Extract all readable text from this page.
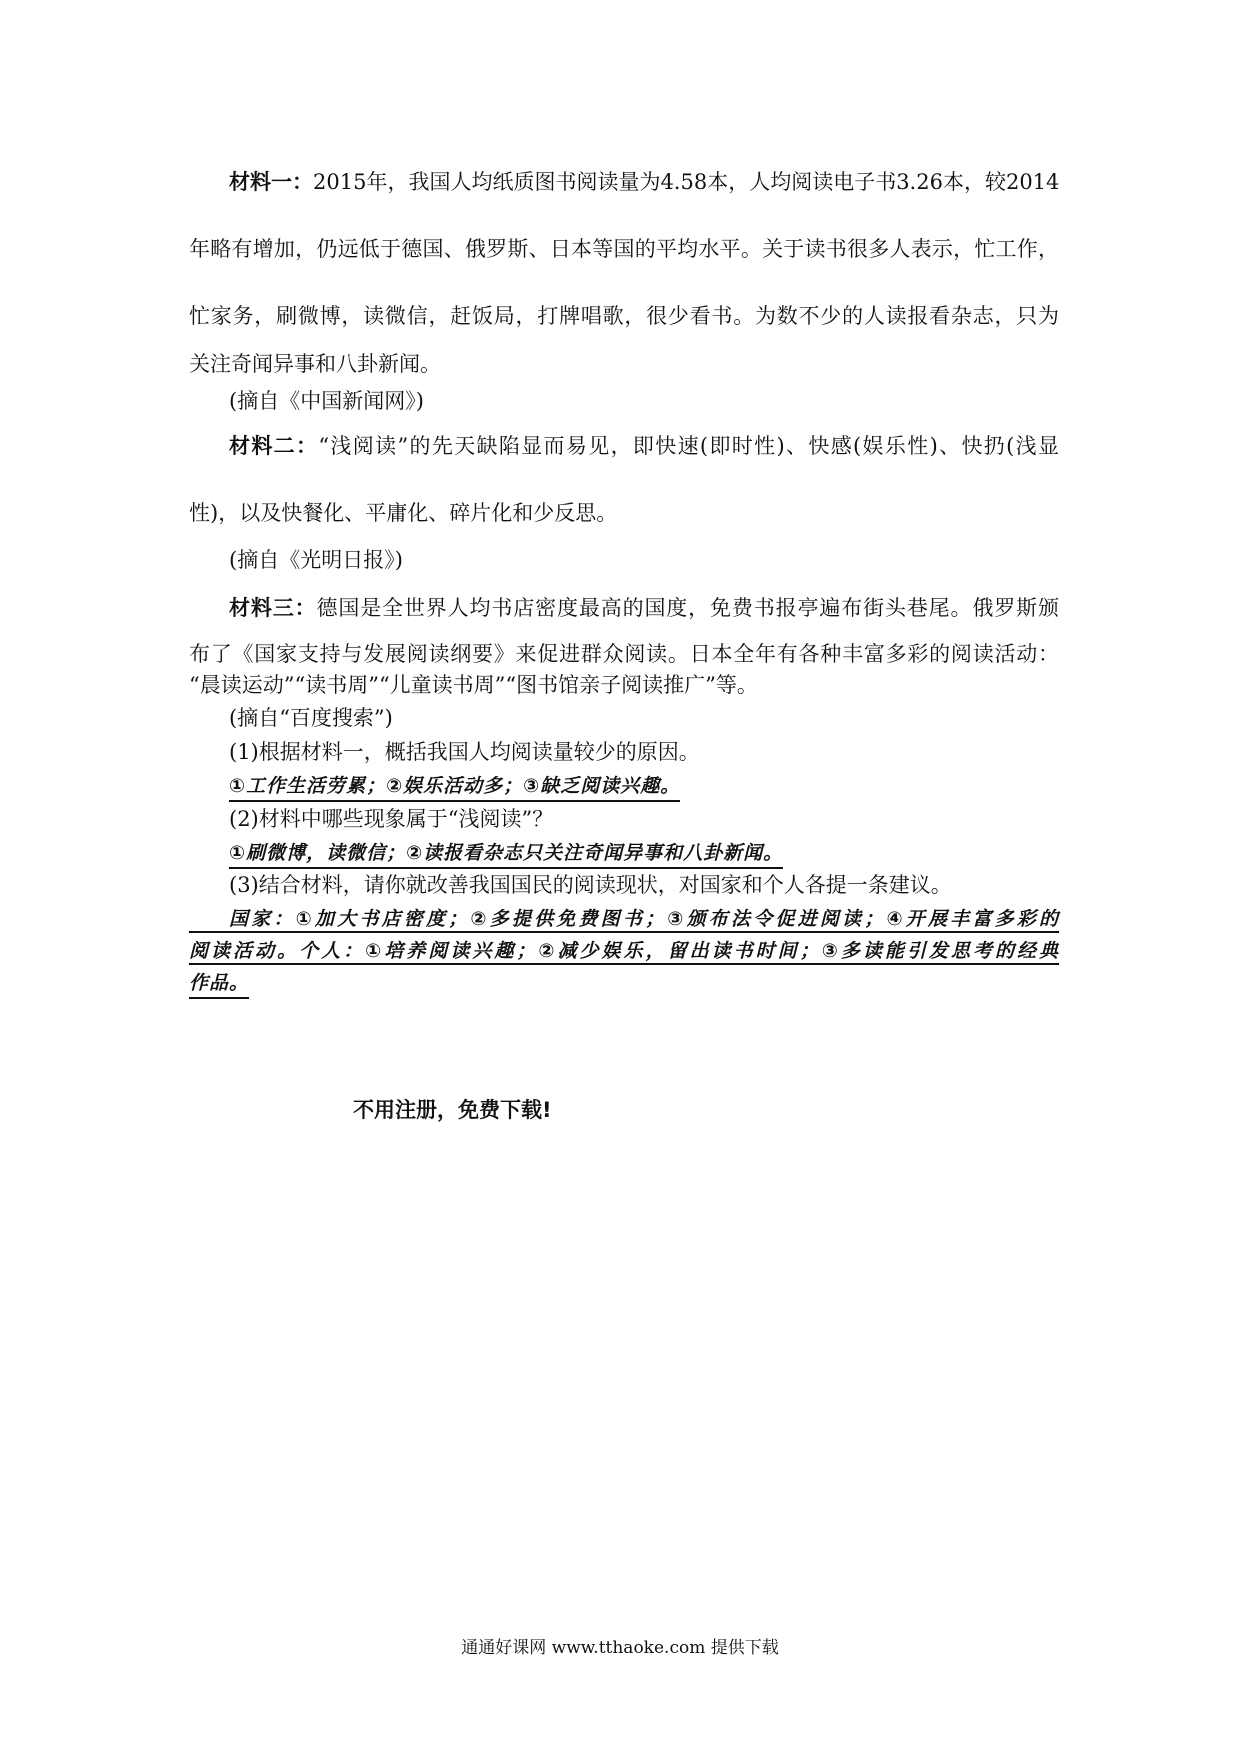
材料一：2015年，我国人均纸质图书阅读量为4.58本，人均阅读电子书3.26本，较2014
年略有增加，仍远低于德国、俄罗斯、日本等国的平均水平。关于读书很多人表示，忙工作，
忙家务，刷微博，读微信，赶饭局，打牌唱歌，很少看书。为数不少的人读报看杂志，只为
关注奇闻异事和八卦新闻。
(摘自《中国新闻网》)
材料二：“浅阅读”的先天缺陷显而易见，即快速(即时性)、快感(娱乐性)、快扔(浅显
性)，以及快餐化、平庸化、碎片化和少反思。
(摘自《光明日报》)
材料三：德国是全世界人均书店密度最高的国度，免费书报亭遍布街头巷尾。俄罗斯颁
布了《国家支持与发展阅读纲要》来促进群众阅读。日本全年有各种丰富多彩的阅读活动：
“晨读运动”“读书周”“儿童读书周”“图书馆亲子阅读推广”等。
(摘自“百度搜索”)
(1)根据材料一，概括我国人均阅读量较少的原因。
①工作生活劳累；②娱乐活动多；③缺乏阅读兴趣。
(2)材料中哪些现象属于“浅阅读”？
①刷微博，读微信；②读报看杂志只关注奇闻异事和八卦新闻。
(3)结合材料，请你就改善我国国民的阅读现状，对国家和个人各提一条建议。
国家：①加大书店密度；②多提供免费图书；③颁布法令促进阅读；④开展丰富多彩的
阅读活动。个人：①培养阅读兴趣；②减少娱乐，留出读书时间；③多读能引发思考的经典
作品。
不用注册，免费下载!
通通好课网 www.tthaoke.com 提供下载
